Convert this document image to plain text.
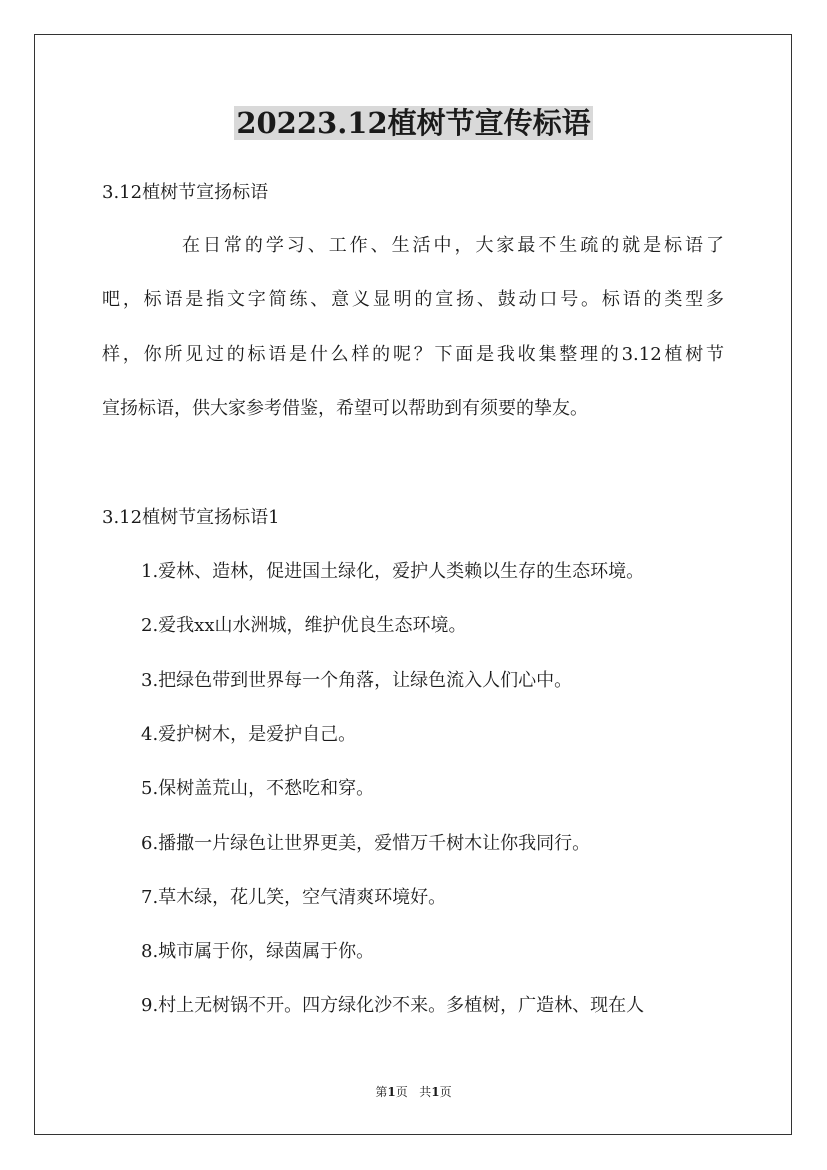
20223.12植树节宣传标语
3.12植树节宣扬标语
在日常的学习、工作、生活中，大家最不生疏的就是标语了
吧，标语是指文字简练、意义显明的宣扬、鼓动口号。标语的类型多
样，你所见过的标语是什么样的呢？下面是我收集整理的3.12植树节
宣扬标语，供大家参考借鉴，希望可以帮助到有须要的挚友。
3.12植树节宣扬标语1
1.爱林、造林，促进国土绿化，爱护人类赖以生存的生态环境。
2.爱我xx山水洲城，维护优良生态环境。
3.把绿色带到世界每一个角落，让绿色流入人们心中。
4.爱护树木，是爱护自己。
5.保树盖荒山，不愁吃和穿。
6.播撒一片绿色让世界更美，爱惜万千树木让你我同行。
7.草木绿，花儿笑，空气清爽环境好。
8.城市属于你，绿茵属于你。
9.村上无树锅不开。四方绿化沙不来。多植树，广造林、现在人
第1页 共1页
